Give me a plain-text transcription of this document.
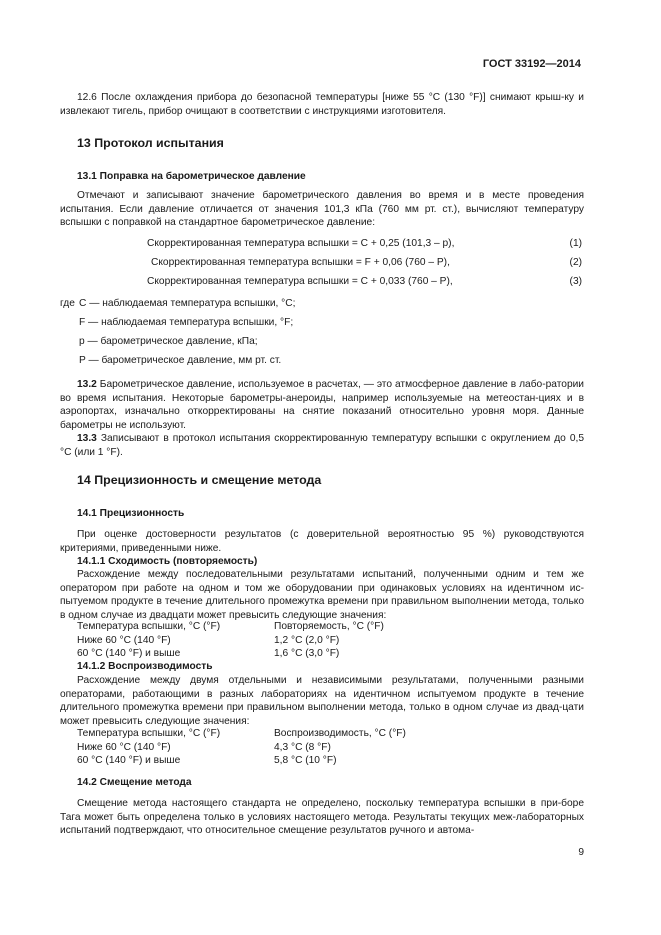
ГОСТ 33192—2014
12.6 После охлаждения прибора до безопасной температуры [ниже 55 °С (130 °F)] снимают крыш-ку и извлекают тигель, прибор очищают в соответствии с инструкциями изготовителя.
13 Протокол испытания
13.1 Поправка на барометрическое давление
Отмечают и записывают значение барометрического давления во время и в месте проведения испытания. Если давление отличается от значения 101,3 кПа (760 мм рт. ст.), вычисляют температуру вспышки с поправкой на стандартное барометрическое давление:
Скорректированная температура вспышки = C + 0,25 (101,3 – p),	(1)
Скорректированная температура вспышки = F + 0,06 (760 – P),	(2)
Скорректированная температура вспышки = C + 0,033 (760 – P),	(3)
где C — наблюдаемая температура вспышки, °С;
F — наблюдаемая температура вспышки, °F;
p — барометрическое давление, кПа;
P — барометрическое давление, мм рт. ст.
13.2 Барометрическое давление, используемое в расчетах, — это атмосферное давление в лабо-ратории во время испытания. Некоторые барометры-анероиды, например используемые на метеостан-циях и в аэропортах, изначально откорректированы на снятие показаний относительно уровня моря. Данные барометры не используют.
13.3 Записывают в протокол испытания скорректированную температуру вспышки с округлением до 0,5 °С (или 1 °F).
14 Прецизионность и смещение метода
14.1 Прецизионность
При оценке достоверности результатов (с доверительной вероятностью 95 %) руководствуются критериями, приведенными ниже.
14.1.1 Сходимость (повторяемость)
Расхождение между последовательными результатами испытаний, полученными одним и тем же оператором при работе на одном и том же оборудовании при одинаковых условиях на идентичном ис-пытуемом продукте в течение длительного промежутка времени при правильном выполнении метода, только в одном случае из двадцати может превысить следующие значения:
Температура вспышки, °С (°F)	Повторяемость, °С (°F)
Ниже 60 °С (140 °F)	1,2 °С (2,0 °F)
60 °С (140 °F) и выше	1,6 °С (3,0 °F)
14.1.2 Воспроизводимость
Расхождение между двумя отдельными и независимыми результатами, полученными разными операторами, работающими в разных лабораториях на идентичном испытуемом продукте в течение длительного промежутка времени при правильном выполнении метода, только в одном случае из двад-цати может превысить следующие значения:
Температура вспышки, °С (°F)	Воспроизводимость, °С (°F)
Ниже 60 °С (140 °F)	4,3 °С (8 °F)
60 °С (140 °F) и выше	5,8 °С (10 °F)
14.2 Смещение метода
Смещение метода настоящего стандарта не определено, поскольку температура вспышки в при-боре Тага может быть определена только в условиях настоящего метода. Результаты текущих меж-лабораторных испытаний подтверждают, что относительное смещение результатов ручного и автома-
9
